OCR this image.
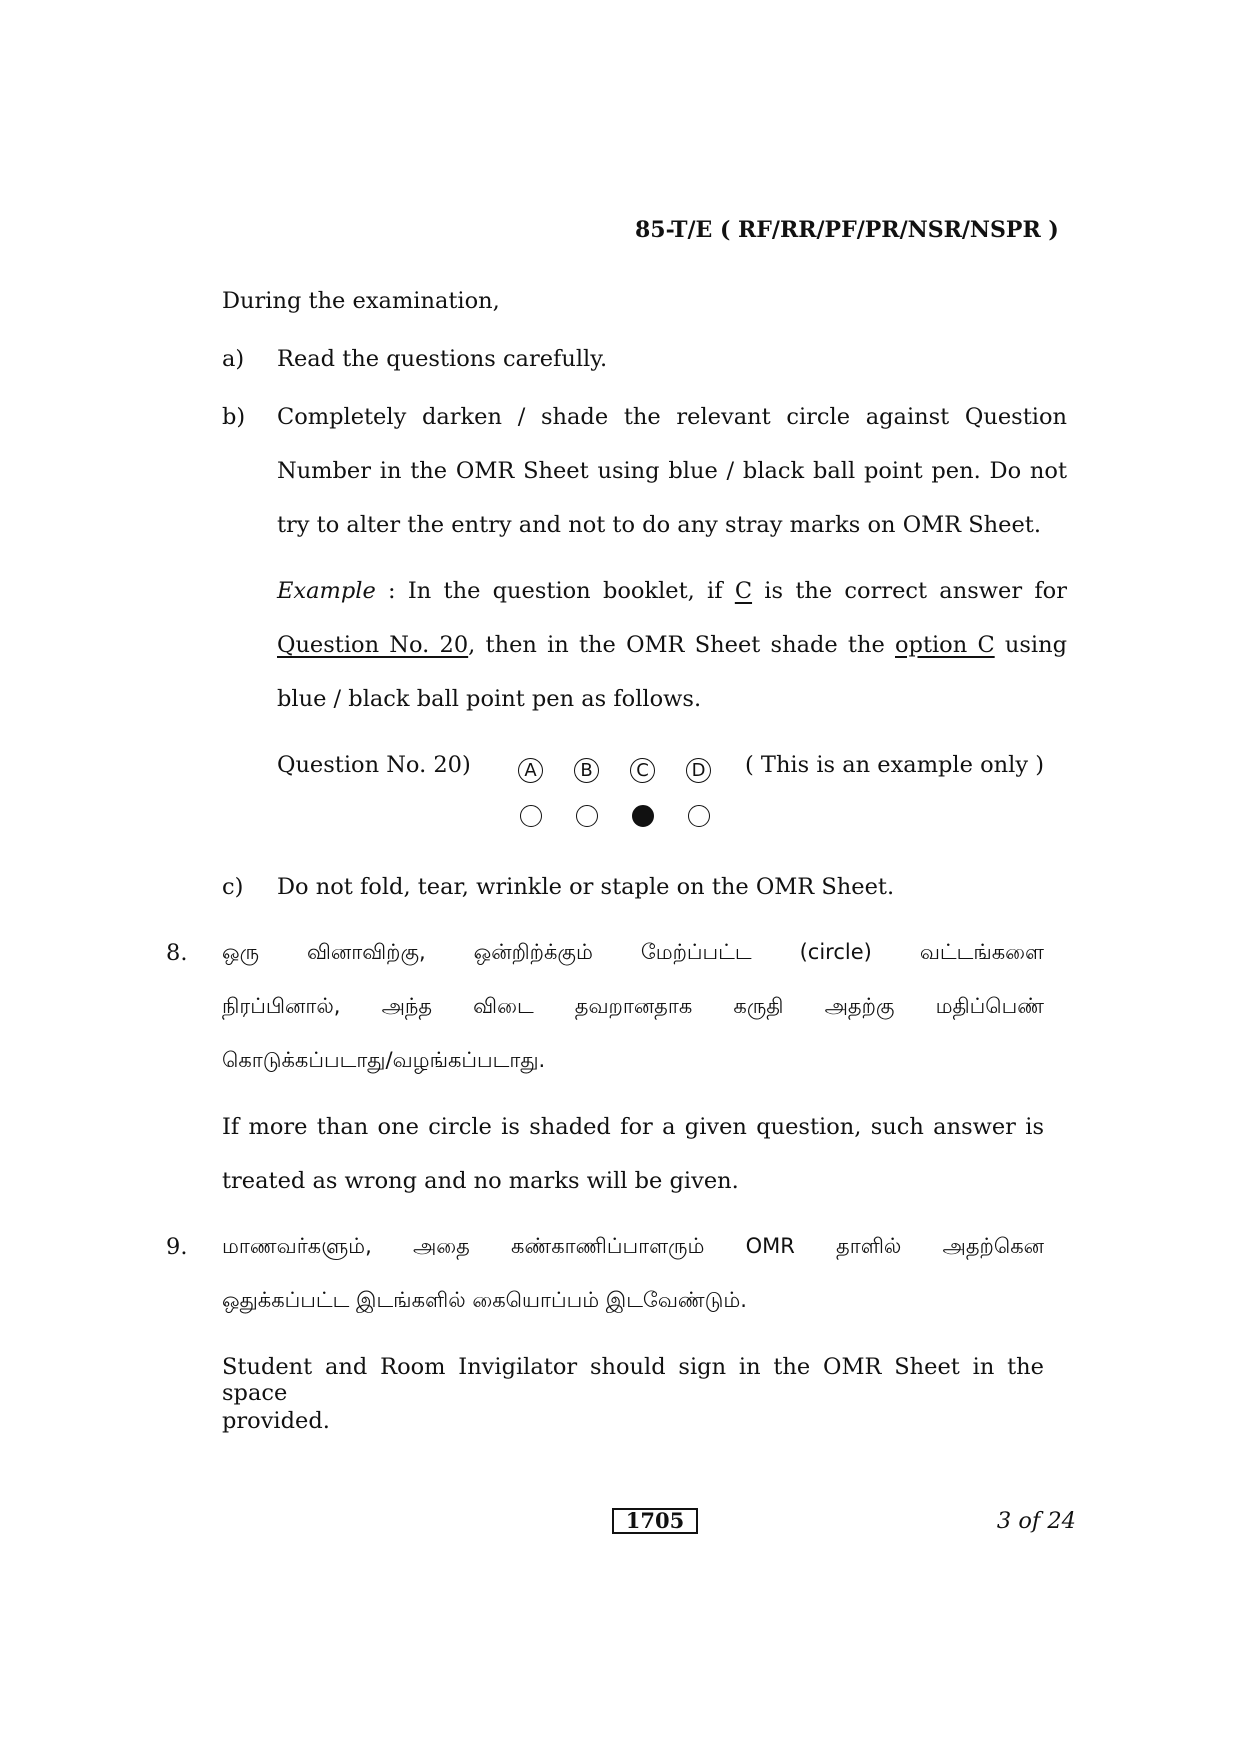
85-T/E ( RF/RR/PF/PR/NSR/NSPR )
During the examination,
a) Read the questions carefully.
b) Completely darken / shade the relevant circle against Question
Number in the OMR Sheet using blue / black ball point pen. Do not
try to alter the entry and not to do any stray marks on OMR Sheet.
Example : In the question booklet, if C is the correct answer for
Question No. 20, then in the OMR Sheet shade the option C using
blue / black ball point pen as follows.
Question No. 20)	A	B	C	D ( This is an example only )
c) Do not fold, tear, wrinkle or staple on the OMR Sheet.
8. ஒரு வினாவிற்கு, ஒன்றிற்க்கும் மேற்ப்பட்ட (circle) வட்டங்களை
நிரப்பினால், அந்த விடை தவறானதாக கருதி அதற்கு மதிப்பெண்
கொடுக்கப்படாது/வழங்கப்படாது.
If more than one circle is shaded for a given question, such answer is
treated as wrong and no marks will be given.
9. மாணவர்களும், அதை கண்காணிப்பாளரும் OMR தாளில் அதற்கென
ஒதுக்கப்பட்ட இடங்களில் கையொப்பம் இடவேண்டும்.
Student and Room Invigilator should sign in the OMR Sheet in the space
provided.
1705	3 of 24
